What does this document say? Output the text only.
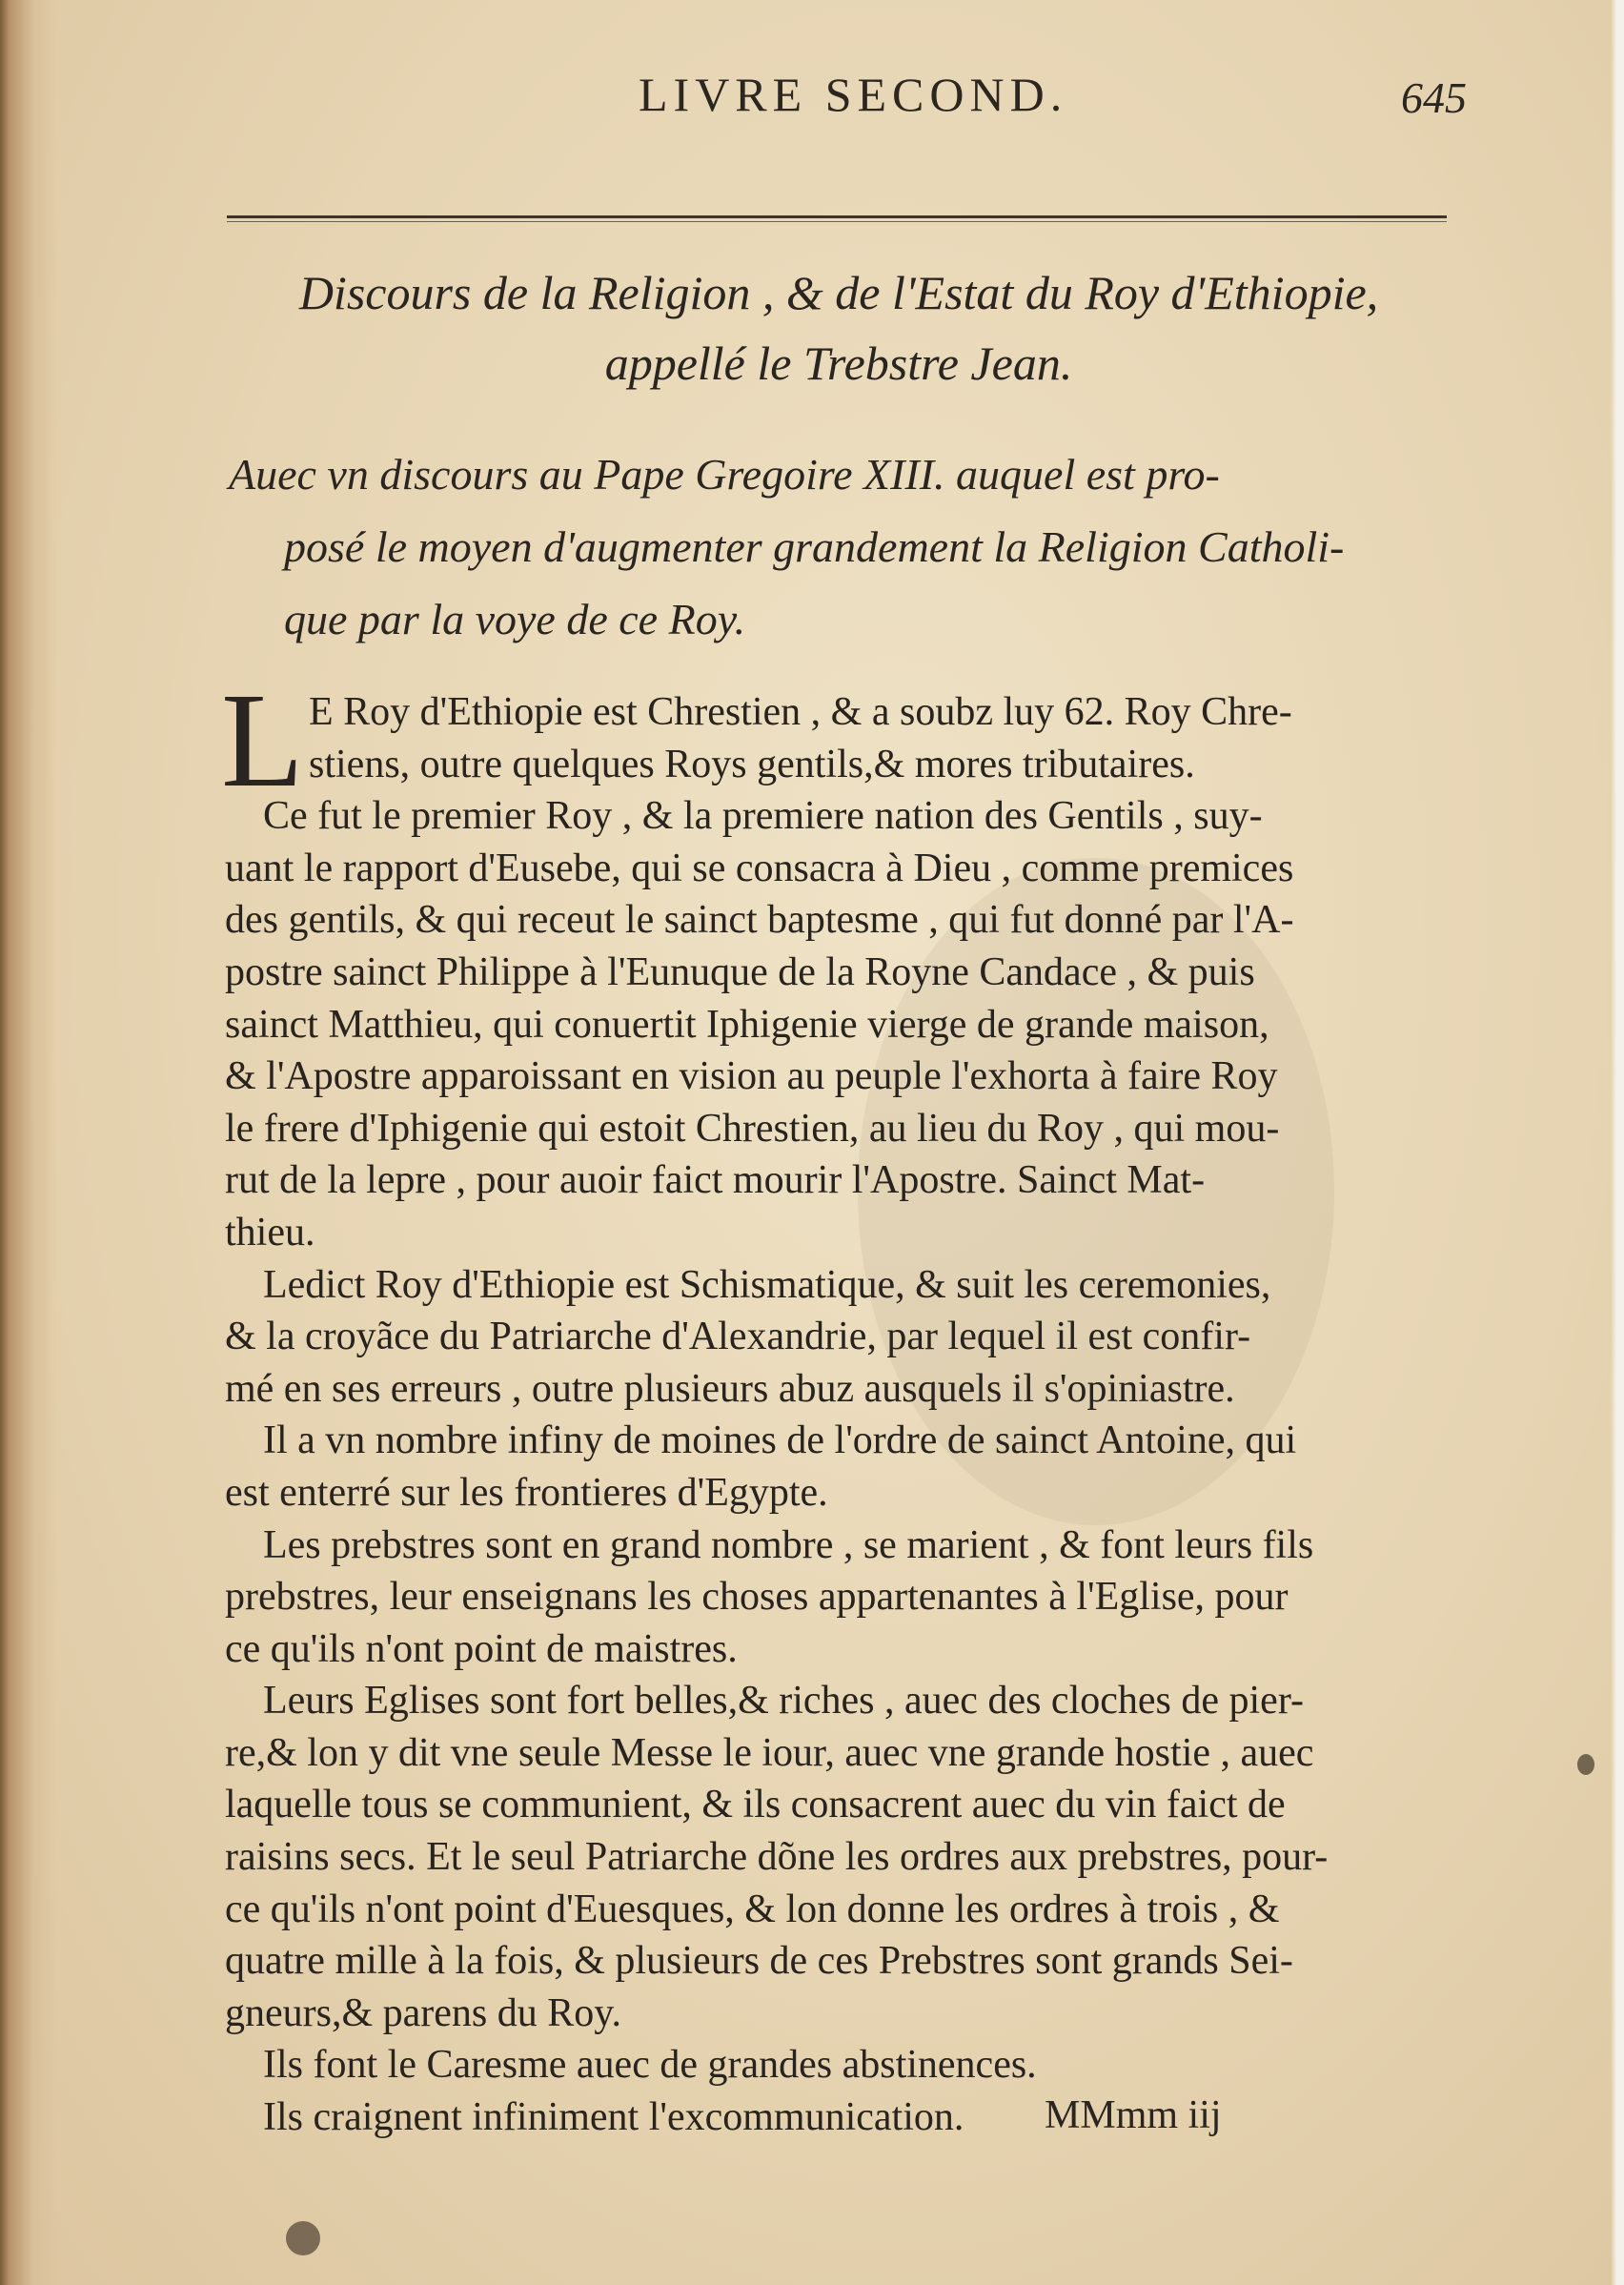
LIVRE SECOND.	645
Discours de la Religion , & de l'Estat du Roy d'Ethiopie,
appellé le Trebstre Jean.
Auec vn discours au Pape Gregoire XIII. auquel est pro-
posé le moyen d'augmenter grandement la Religion Catholi-
que par la voye de ce Roy.
L E Roy d'Ethiopie est Chrestien , & a soubz luy 62. Roy Chre-
stiens, outre quelques Roys gentils,& mores tributaires.
Ce fut le premier Roy , & la premiere nation des Gentils , suy-
uant le rapport d'Eusebe, qui se consacra à Dieu , comme premices
des gentils, & qui receut le sainct baptesme , qui fut donné par l'A-
postre sainct Philippe à l'Eunuque de la Royne Candace , & puis
sainct Matthieu, qui conuertit Iphigenie vierge de grande maison,
& l'Apostre apparoissant en vision au peuple l'exhorta à faire Roy
le frere d'Iphigenie qui estoit Chrestien, au lieu du Roy , qui mou-
rut de la lepre , pour auoir faict mourir l'Apostre. Sainct Mat-
thieu.
Ledict Roy d'Ethiopie est Schismatique, & suit les ceremonies,
& la croyãce du Patriarche d'Alexandrie, par lequel il est confir-
mé en ses erreurs , outre plusieurs abuz ausquels il s'opiniastre.
Il a vn nombre infiny de moines de l'ordre de sainct Antoine, qui
est enterré sur les frontieres d'Egypte.
Les prebstres sont en grand nombre , se marient , & font leurs fils
prebstres, leur enseignans les choses appartenantes à l'Eglise, pour
ce qu'ils n'ont point de maistres.
Leurs Eglises sont fort belles,& riches , auec des cloches de pier-
re,& lon y dit vne seule Messe le iour, auec vne grande hostie , auec
laquelle tous se communient, & ils consacrent auec du vin faict de
raisins secs. Et le seul Patriarche dõne les ordres aux prebstres, pour-
ce qu'ils n'ont point d'Euesques, & lon donne les ordres à trois , &
quatre mille à la fois, & plusieurs de ces Prebstres sont grands Sei-
gneurs,& parens du Roy.
Ils font le Caresme auec de grandes abstinences.
Ils craignent infiniment l'excommunication.	MMmm iij
